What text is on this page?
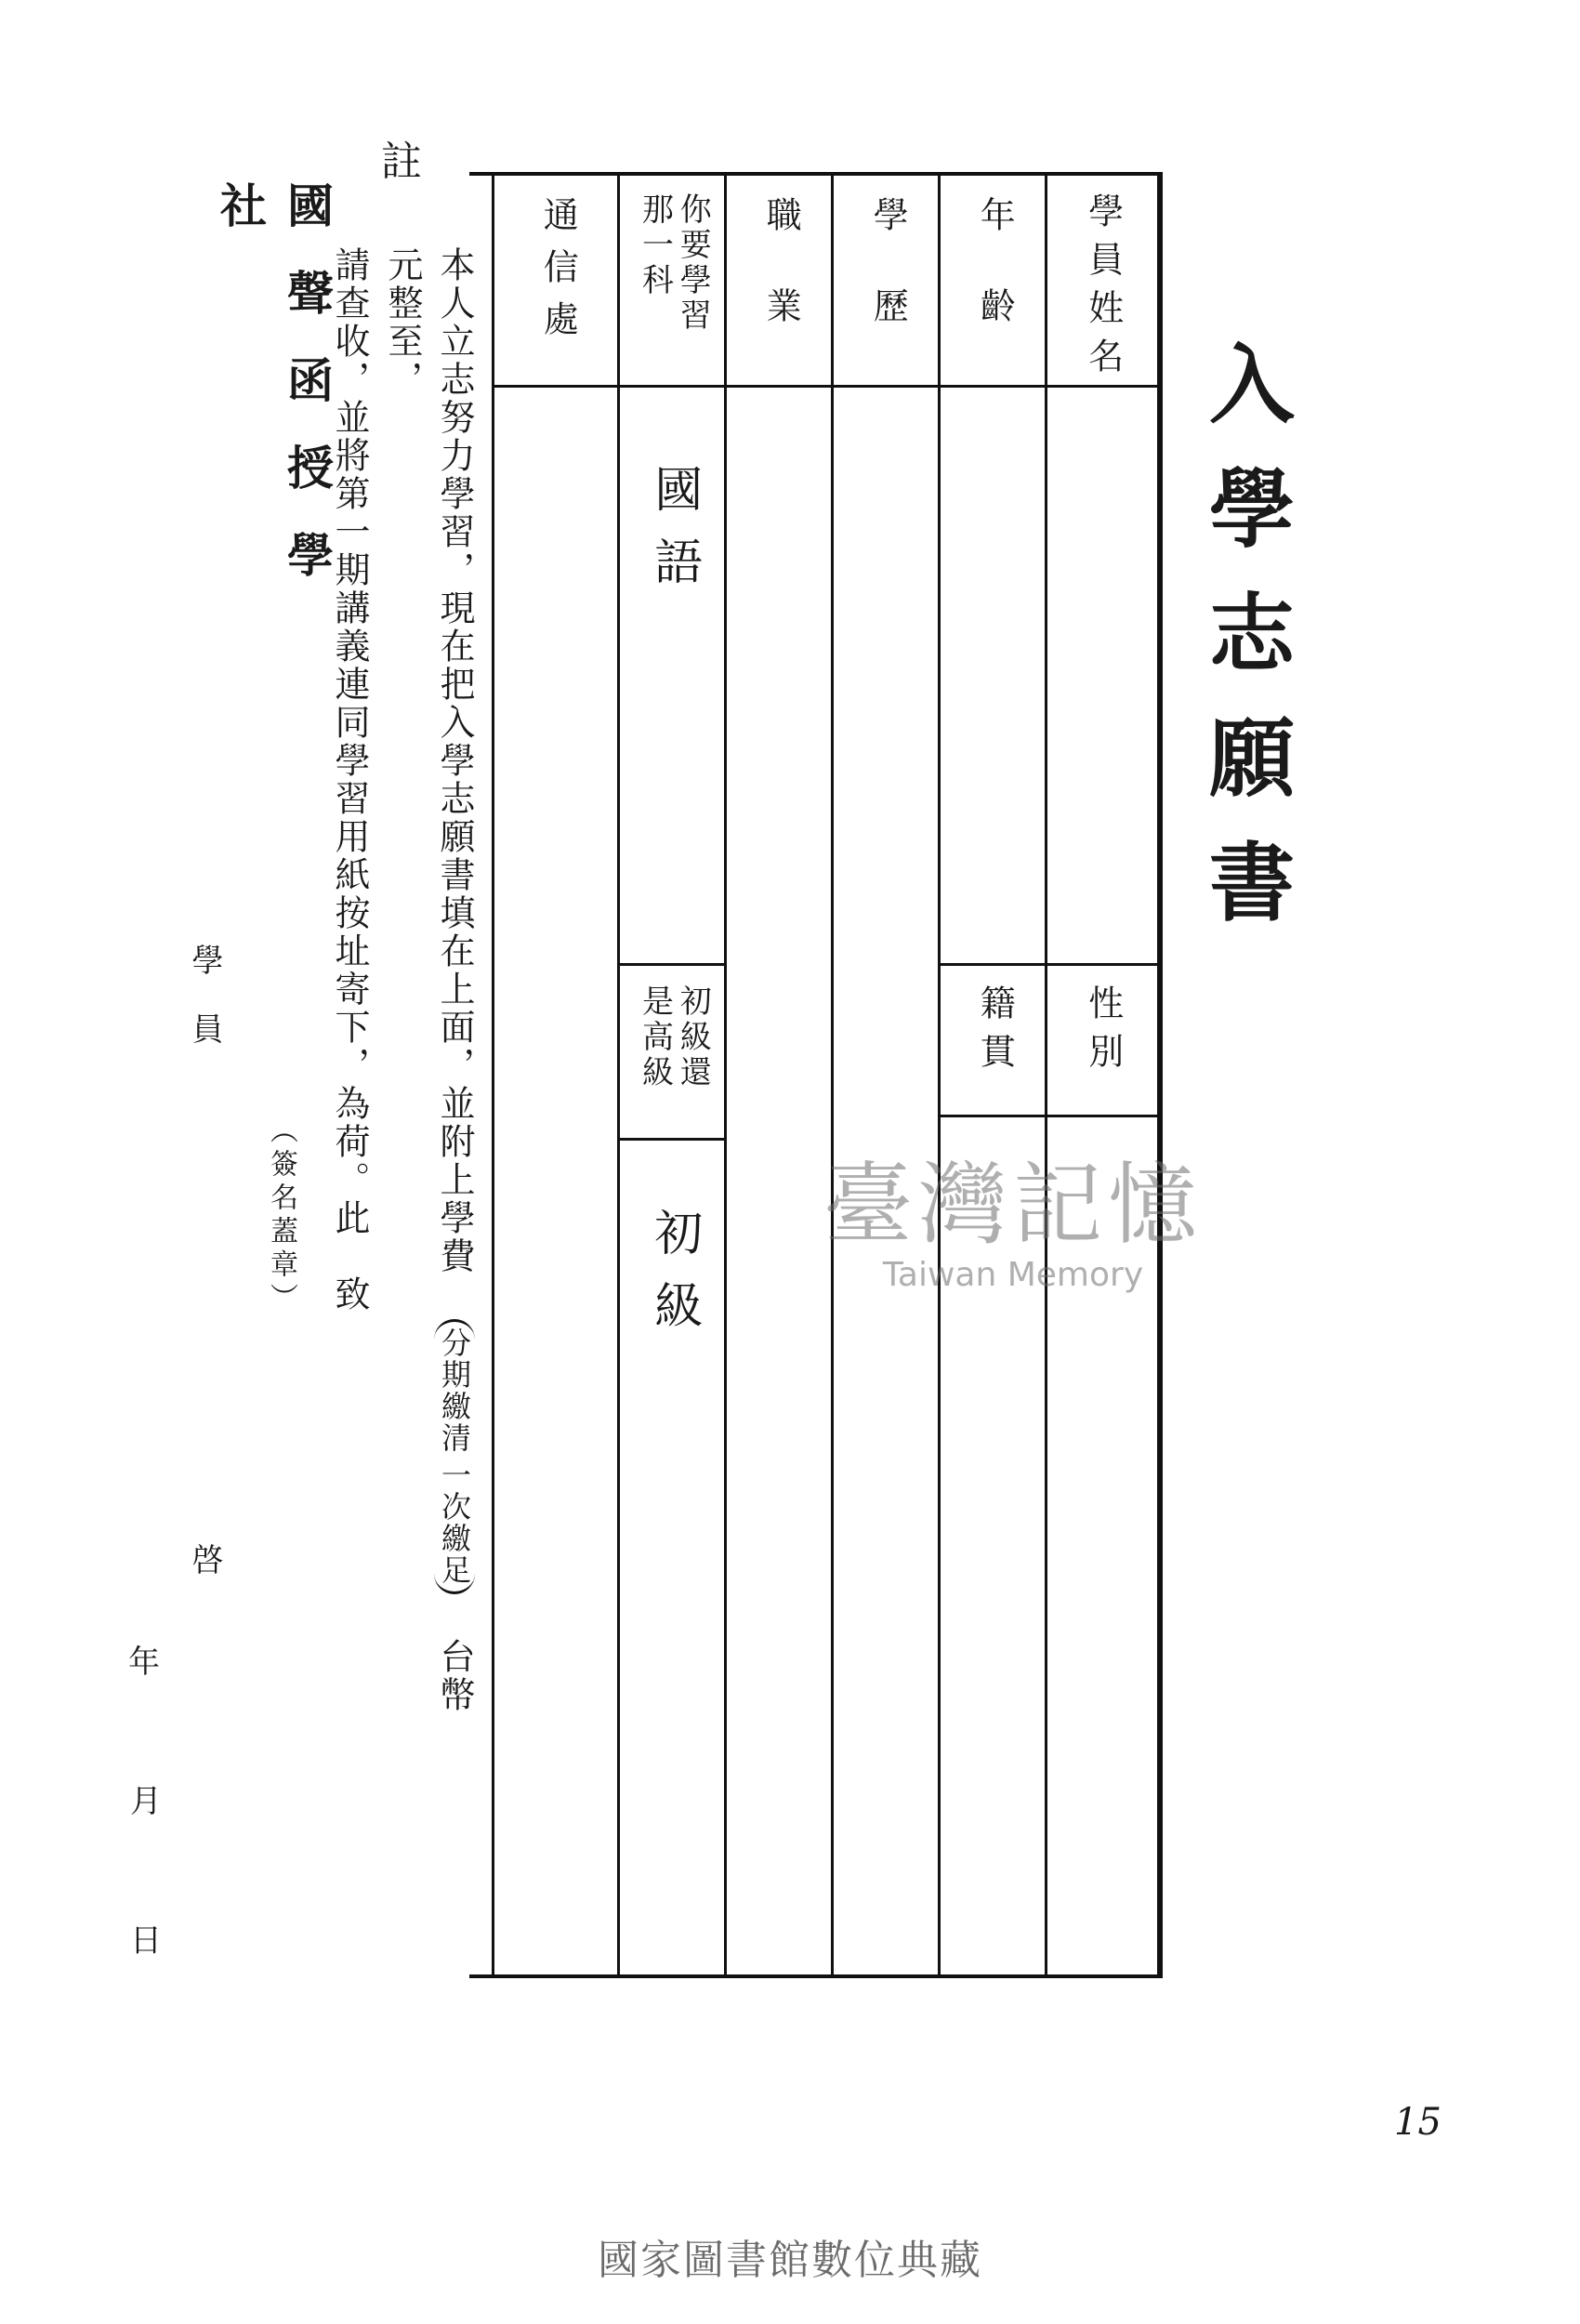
入學志願書
學員姓名
性別
年齡
籍貫
學歷
職業
你要學習那一科
國語
初級還是高級
初級
通信處
註
本人立志努力學習，現在把入學志願書填在上面，並附上學費
一次繳足
分期繳清
台幣  元整至，
請查收，並將第一期講義連同學習用紙按址寄下，為荷。此　致
國聲函授學社
學員
（簽名蓋章）
啓
年
月
日
臺灣記憶
Taiwan Memory
15
國家圖書館數位典藏
